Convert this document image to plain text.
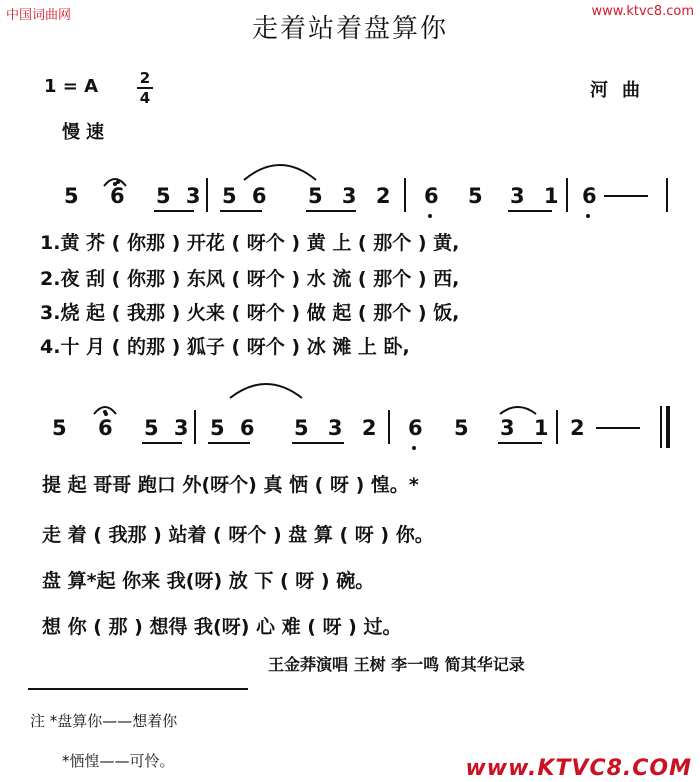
中国词曲网	www.ktvc8.com
走着站着盘算你
1 = A	2
4	河曲
慢速
5 6 5 3 5 6 5 3 2 6 5 3 1 6
1.黄 芥 ( 你那 ) 开花 ( 呀个 ) 黄 上 ( 那个 ) 黄,
2.夜 刮 ( 你那 ) 东风 ( 呀个 ) 水 流 ( 那个 ) 西,
3.烧 起 ( 我那 ) 火来 ( 呀个 ) 做 起 ( 那个 ) 饭,
4.十 月 ( 的那 ) 狐子 ( 呀个 ) 冰 滩 上 卧,
5 6 5 3 5 6 5 3 2 6 5 3 1 2
提 起 哥哥 跑口 外(呀个) 真 恓 ( 呀 ) 惶。*
走 着 ( 我那 ) 站着 ( 呀个 ) 盘 算 ( 呀 ) 你。
盘 算*起 你来 我(呀) 放 下 ( 呀 ) 碗。
想 你 ( 那 ) 想得 我(呀) 心 难 ( 呀 ) 过。
王金莽演唱 王树 李一鸣 简其华记录
注 *盘算你——想着你
*恓惶——可怜。	www.KTVC8.COM
